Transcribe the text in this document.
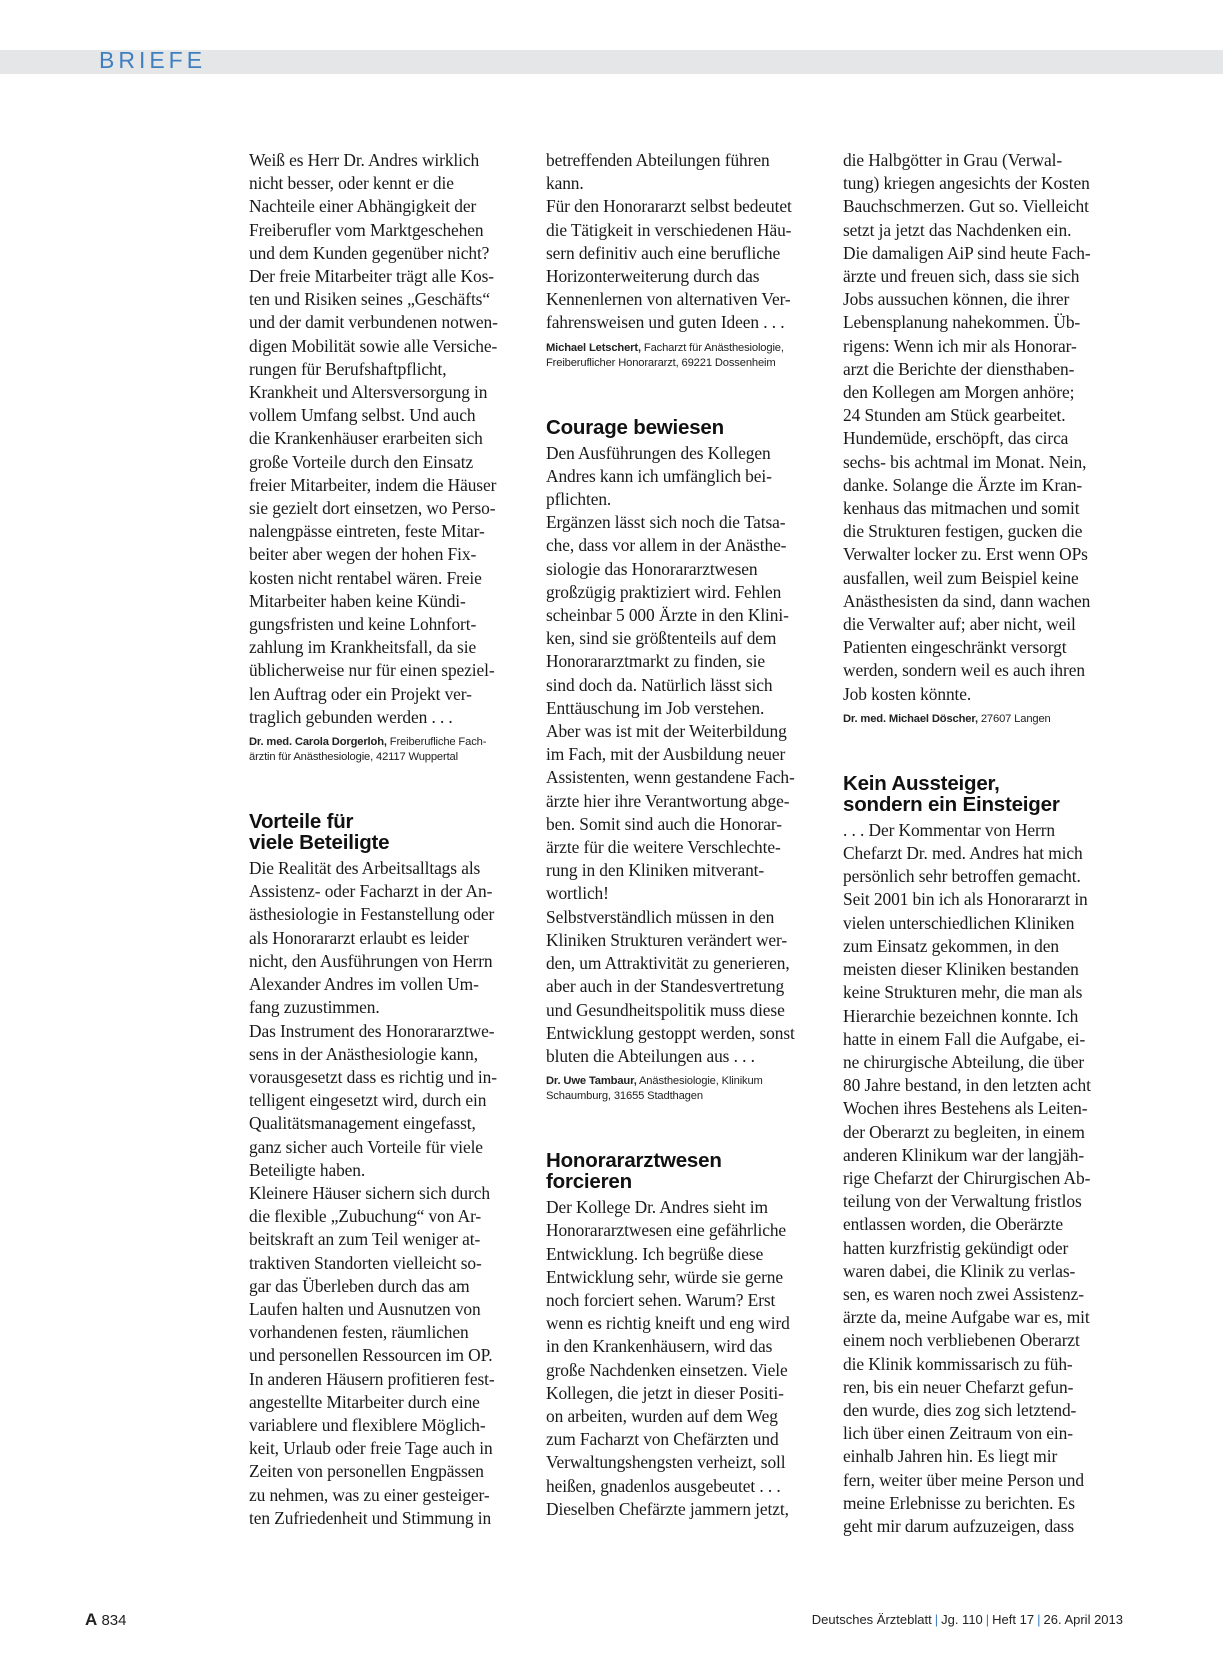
BRIEFE
Weiß es Herr Dr. Andres wirklich
nicht besser, oder kennt er die
Nachteile einer Abhängigkeit der
Freiberufler vom Marktgeschehen
und dem Kunden gegenüber nicht?
Der freie Mitarbeiter trägt alle Kos-
ten und Risiken seines „Geschäfts“
und der damit verbundenen notwen-
digen Mobilität sowie alle Versiche-
rungen für Berufshaftpflicht,
Krankheit und Altersversorgung in
vollem Umfang selbst. Und auch
die Krankenhäuser erarbeiten sich
große Vorteile durch den Einsatz
freier Mitarbeiter, indem die Häuser
sie gezielt dort einsetzen, wo Perso-
nalengpässe eintreten, feste Mitar-
beiter aber wegen der hohen Fix-
kosten nicht rentabel wären. Freie
Mitarbeiter haben keine Kündi-
gungsfristen und keine Lohnfort-
zahlung im Krankheitsfall, da sie
üblicherweise nur für einen speziel-
len Auftrag oder ein Projekt ver-
traglich gebunden werden . . .
Dr. med. Carola Dorgerloh, Freiberufliche Fach-
ärztin für Anästhesiologie, 42117 Wuppertal
Vorteile für
viele Beteiligte
Die Realität des Arbeitsalltags als
Assistenz- oder Facharzt in der An-
ästhesiologie in Festanstellung oder
als Honorararzt erlaubt es leider
nicht, den Ausführungen von Herrn
Alexander Andres im vollen Um-
fang zuzustimmen.
Das Instrument des Honorararztwe-
sens in der Anästhesiologie kann,
vorausgesetzt dass es richtig und in-
telligent eingesetzt wird, durch ein
Qualitätsmanagement eingefasst,
ganz sicher auch Vorteile für viele
Beteiligte haben.
Kleinere Häuser sichern sich durch
die flexible „Zubuchung“ von Ar-
beitskraft an zum Teil weniger at-
traktiven Standorten vielleicht so-
gar das Überleben durch das am
Laufen halten und Ausnutzen von
vorhandenen festen, räumlichen
und personellen Ressourcen im OP.
In anderen Häusern profitieren fest-
angestellte Mitarbeiter durch eine
variablere und flexiblere Möglich-
keit, Urlaub oder freie Tage auch in
Zeiten von personellen Engpässen
zu nehmen, was zu einer gesteiger-
ten Zufriedenheit und Stimmung in
betreffenden Abteilungen führen
kann.
Für den Honorararzt selbst bedeutet
die Tätigkeit in verschiedenen Häu-
sern definitiv auch eine berufliche
Horizonterweiterung durch das
Kennenlernen von alternativen Ver-
fahrensweisen und guten Ideen . . .
Michael Letschert, Facharzt für Anästhesiologie,
Freiberuflicher Honorararzt, 69221 Dossenheim
Courage bewiesen
Den Ausführungen des Kollegen
Andres kann ich umfänglich bei-
pflichten.
Ergänzen lässt sich noch die Tatsa-
che, dass vor allem in der Anästhe-
siologie das Honorararztwesen
großzügig praktiziert wird. Fehlen
scheinbar 5 000 Ärzte in den Klini-
ken, sind sie größtenteils auf dem
Honorararztmarkt zu finden, sie
sind doch da. Natürlich lässt sich
Enttäuschung im Job verstehen.
Aber was ist mit der Weiterbildung
im Fach, mit der Ausbildung neuer
Assistenten, wenn gestandene Fach-
ärzte hier ihre Verantwortung abge-
ben. Somit sind auch die Honorar-
ärzte für die weitere Verschlechte-
rung in den Kliniken mitverant-
wortlich!
Selbstverständlich müssen in den
Kliniken Strukturen verändert wer-
den, um Attraktivität zu generieren,
aber auch in der Standesvertretung
und Gesundheitspolitik muss diese
Entwicklung gestoppt werden, sonst
bluten die Abteilungen aus . . .
Dr. Uwe Tambaur, Anästhesiologie, Klinikum
Schaumburg, 31655 Stadthagen
Honorararztwesen
forcieren
Der Kollege Dr. Andres sieht im
Honorararztwesen eine gefährliche
Entwicklung. Ich begrüße diese
Entwicklung sehr, würde sie gerne
noch forciert sehen. Warum? Erst
wenn es richtig kneift und eng wird
in den Krankenhäusern, wird das
große Nachdenken einsetzen. Viele
Kollegen, die jetzt in dieser Positi-
on arbeiten, wurden auf dem Weg
zum Facharzt von Chefärzten und
Verwaltungshengsten verheizt, soll
heißen, gnadenlos ausgebeutet . . .
Dieselben Chefärzte jammern jetzt,
die Halbgötter in Grau (Verwal-
tung) kriegen angesichts der Kosten
Bauchschmerzen. Gut so. Vielleicht
setzt ja jetzt das Nachdenken ein.
Die damaligen AiP sind heute Fach-
ärzte und freuen sich, dass sie sich
Jobs aussuchen können, die ihrer
Lebensplanung nahekommen. Üb-
rigens: Wenn ich mir als Honorar-
arzt die Berichte der diensthaben-
den Kollegen am Morgen anhöre;
24 Stunden am Stück gearbeitet.
Hundemüde, erschöpft, das circa
sechs- bis achtmal im Monat. Nein,
danke. Solange die Ärzte im Kran-
kenhaus das mitmachen und somit
die Strukturen festigen, gucken die
Verwalter locker zu. Erst wenn OPs
ausfallen, weil zum Beispiel keine
Anästhesisten da sind, dann wachen
die Verwalter auf; aber nicht, weil
Patienten eingeschränkt versorgt
werden, sondern weil es auch ihren
Job kosten könnte.
Dr. med. Michael Döscher, 27607 Langen
Kein Aussteiger,
sondern ein Einsteiger
. . . Der Kommentar von Herrn
Chefarzt Dr. med. Andres hat mich
persönlich sehr betroffen gemacht.
Seit 2001 bin ich als Honorararzt in
vielen unterschiedlichen Kliniken
zum Einsatz gekommen, in den
meisten dieser Kliniken bestanden
keine Strukturen mehr, die man als
Hierarchie bezeichnen konnte. Ich
hatte in einem Fall die Aufgabe, ei-
ne chirurgische Abteilung, die über
80 Jahre bestand, in den letzten acht
Wochen ihres Bestehens als Leiten-
der Oberarzt zu begleiten, in einem
anderen Klinikum war der langjäh-
rige Chefarzt der Chirurgischen Ab-
teilung von der Verwaltung fristlos
entlassen worden, die Oberärzte
hatten kurzfristig gekündigt oder
waren dabei, die Klinik zu verlas-
sen, es waren noch zwei Assistenz-
ärzte da, meine Aufgabe war es, mit
einem noch verbliebenen Oberarzt
die Klinik kommissarisch zu füh-
ren, bis ein neuer Chefarzt gefun-
den wurde, dies zog sich letztend-
lich über einen Zeitraum von ein-
einhalb Jahren hin. Es liegt mir
fern, weiter über meine Person und
meine Erlebnisse zu berichten. Es
geht mir darum aufzuzeigen, dass
A 834	Deutsches Ärzteblatt | Jg. 110 | Heft 17 | 26. April 2013
